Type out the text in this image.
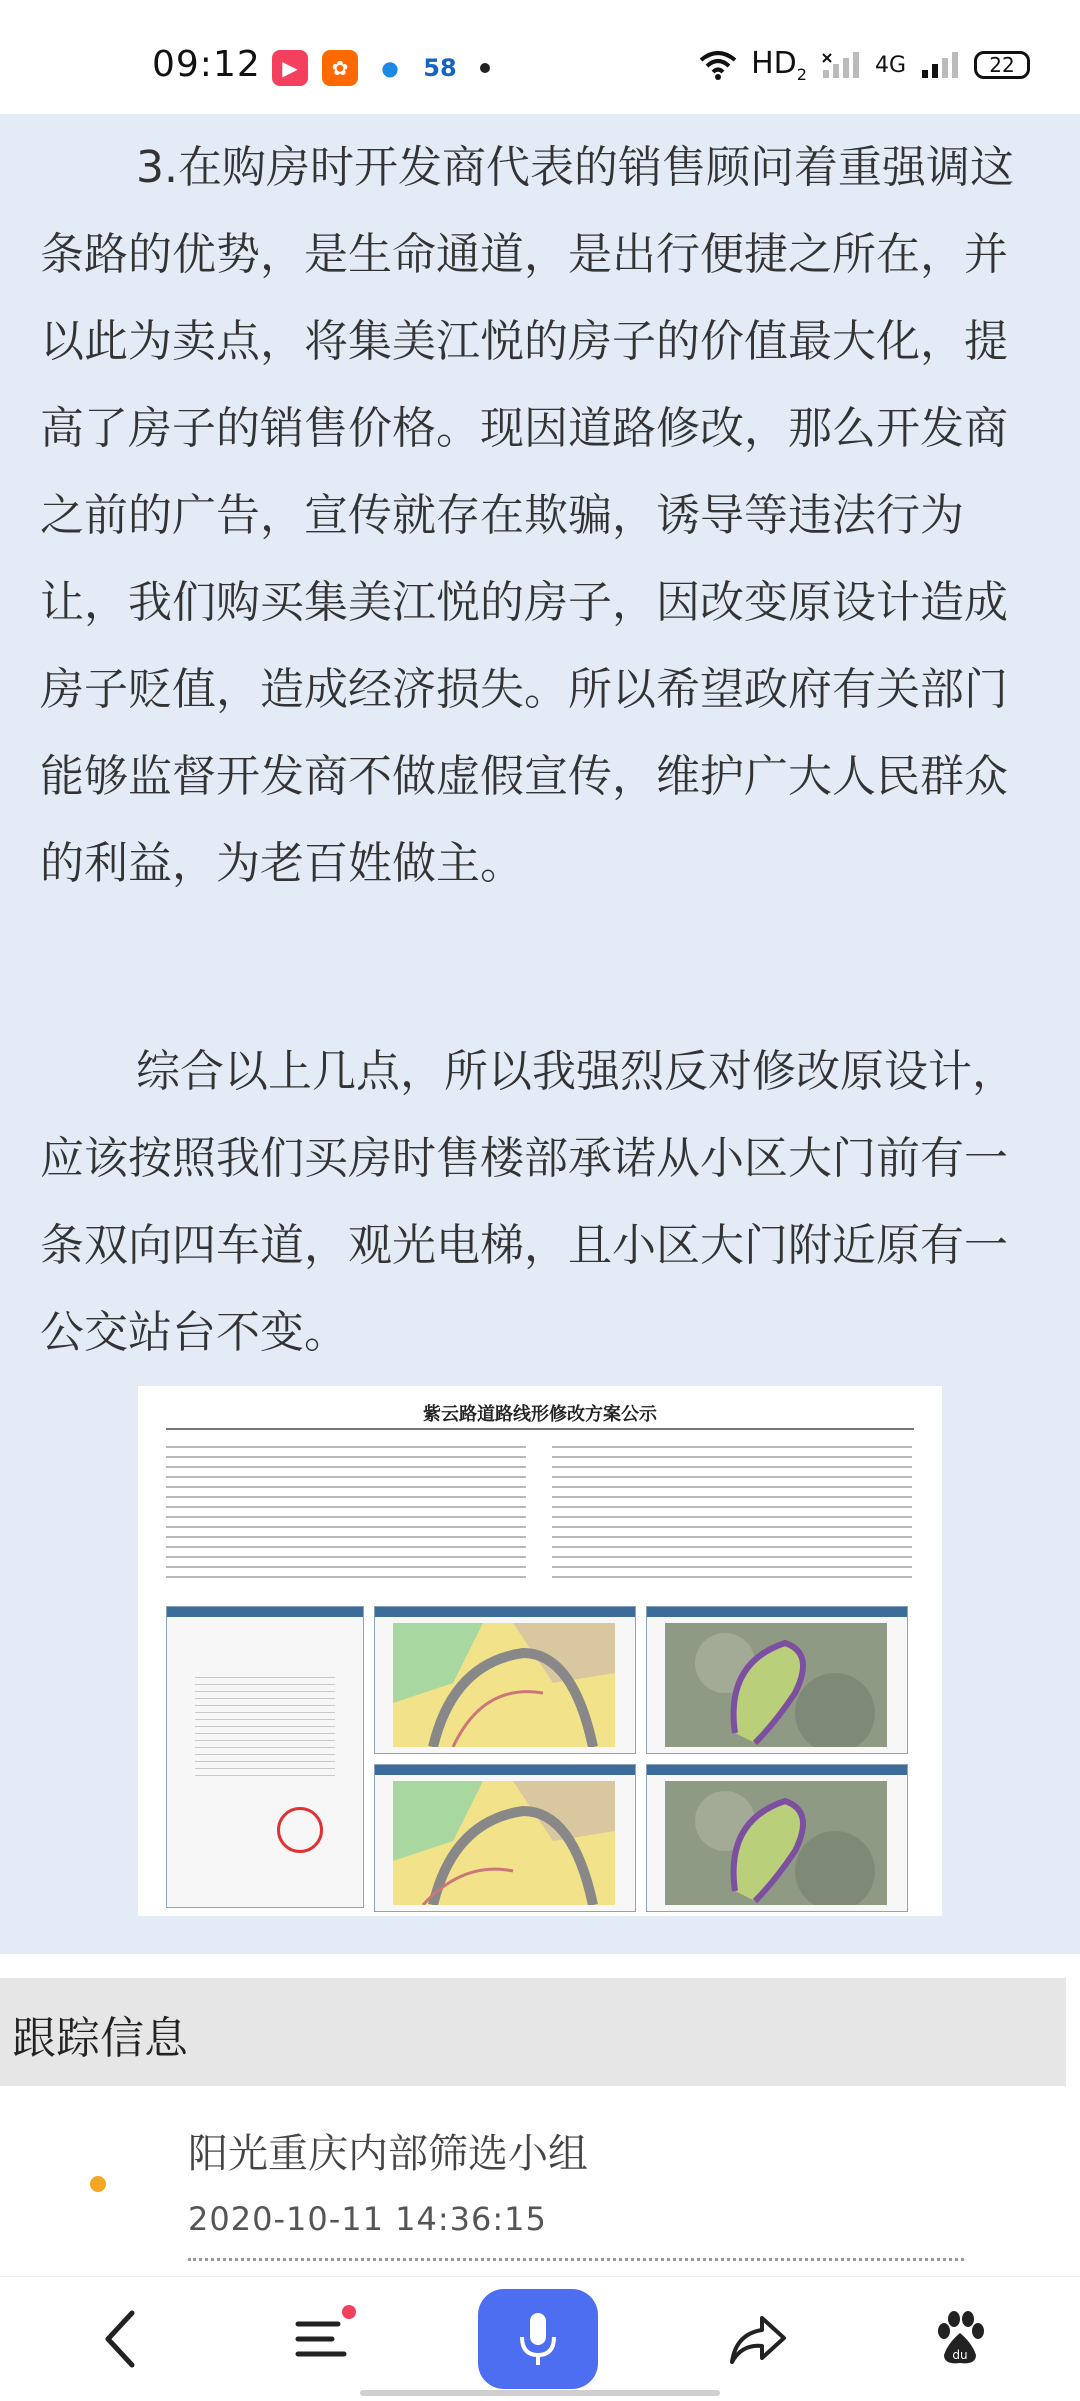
09:12	▶	✿	●	58	$HD_2$	4G	22

3.在购房时开发商代表的销售顾问着重强调这条路的优势，是生命通道，是出行便捷之所在，并以此为卖点，将集美江悦的房子的价值最大化，提高了房子的销售价格。现因道路修改，那么开发商之前的广告，宣传就存在欺骗，诱导等违法行为让，我们购买集美江悦的房子，因改变原设计造成房子贬值，造成经济损失。所以希望政府有关部门能够监督开发商不做虚假宣传，维护广大人民群众的利益，为老百姓做主。

综合以上几点，所以我强烈反对修改原设计，应该按照我们买房时售楼部承诺从小区大门前有一条双向四车道，观光电梯，且小区大门附近原有一公交站台不变。

紫云路道路线形修改方案公示
跟踪信息
阳光重庆内部筛选小组
2020-10-11 14:36:15
du
